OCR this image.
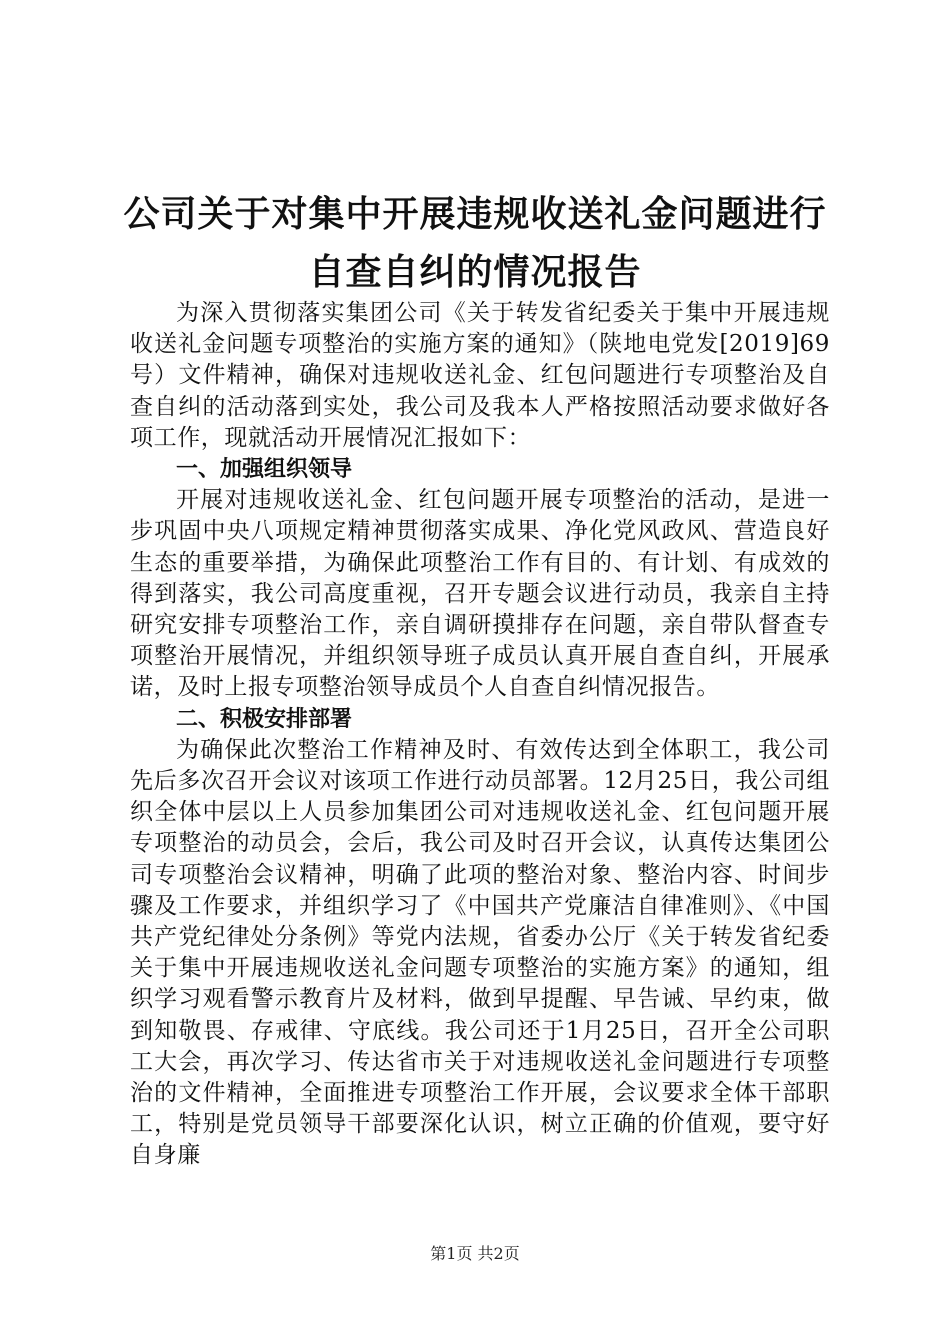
公司关于对集中开展违规收送礼金问题进行自查自纠的情况报告

为深入贯彻落实集团公司《关于转发省纪委关于集中开展违规收送礼金问题专项整治的实施方案的通知》（陕地电党发[2019]69号）文件精神，确保对违规收送礼金、红包问题进行专项整治及自查自纠的活动落到实处，我公司及我本人严格按照活动要求做好各项工作，现就活动开展情况汇报如下：

一、加强组织领导

开展对违规收送礼金、红包问题开展专项整治的活动，是进一步巩固中央八项规定精神贯彻落实成果、净化党风政风、营造良好生态的重要举措，为确保此项整治工作有目的、有计划、有成效的得到落实，我公司高度重视，召开专题会议进行动员，我亲自主持研究安排专项整治工作，亲自调研摸排存在问题，亲自带队督查专项整治开展情况，并组织领导班子成员认真开展自查自纠，开展承诺，及时上报专项整治领导成员个人自查自纠情况报告。

二、积极安排部署

为确保此次整治工作精神及时、有效传达到全体职工，我公司先后多次召开会议对该项工作进行动员部署。12月25日，我公司组织全体中层以上人员参加集团公司对违规收送礼金、红包问题开展专项整治的动员会，会后，我公司及时召开会议，认真传达集团公司专项整治会议精神，明确了此项的整治对象、整治内容、时间步骤及工作要求，并组织学习了《中国共产党廉洁自律准则》、《中国共产党纪律处分条例》等党内法规，省委办公厅《关于转发省纪委关于集中开展违规收送礼金问题专项整治的实施方案》的通知，组织学习观看警示教育片及材料，做到早提醒、早告诫、早约束，做到知敬畏、存戒律、守底线。我公司还于1月25日，召开全公司职工大会，再次学习、传达省市关于对违规收送礼金问题进行专项整治的文件精神，全面推进专项整治工作开展，会议要求全体干部职工，特别是党员领导干部要深化认识，树立正确的价值观，要守好自身廉

第1页 共2页
